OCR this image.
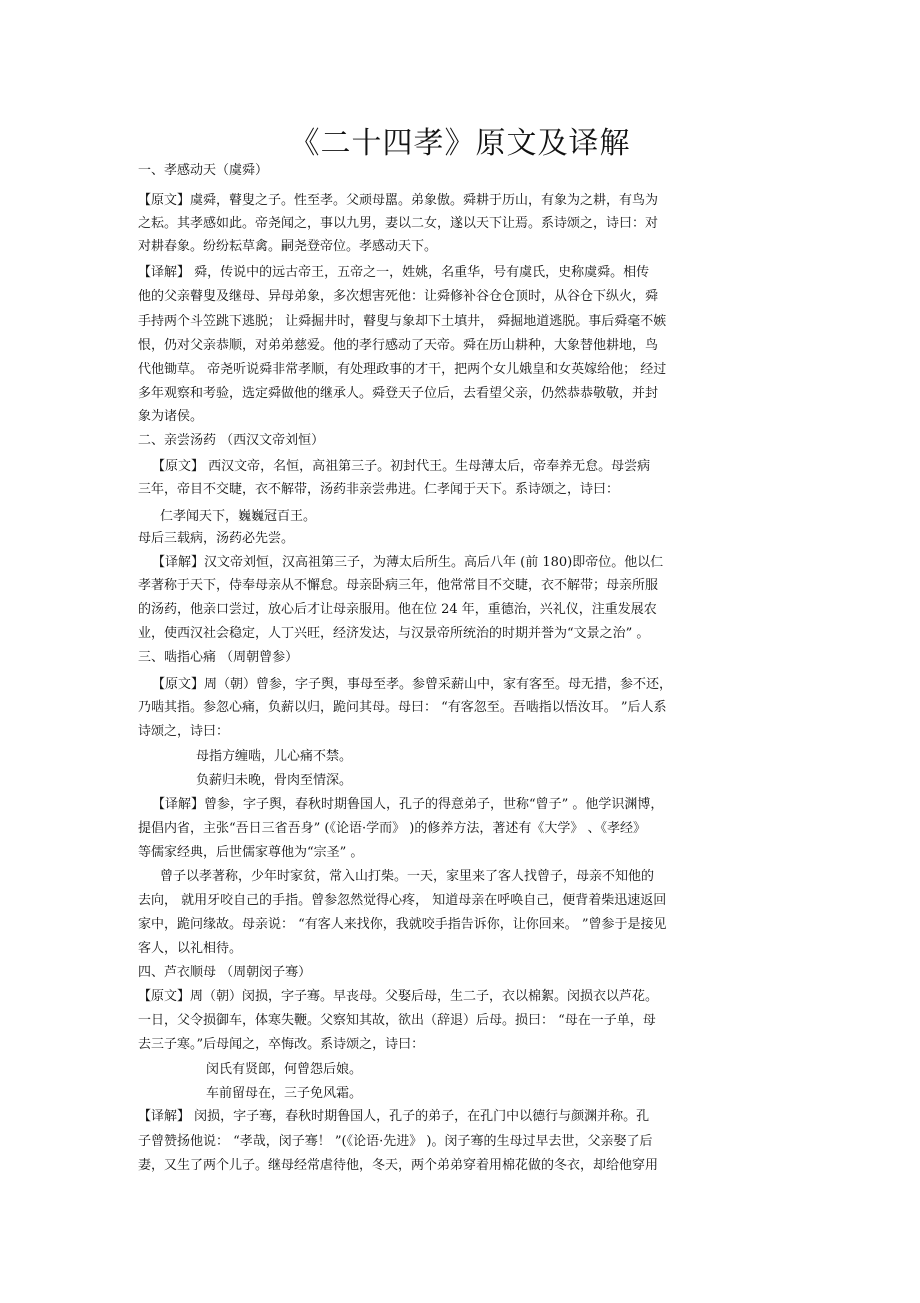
《二十四孝》原文及译解
一、孝感动天（虞舜）
【原文】虞舜，瞽叟之子。性至孝。父顽母嚚。弟象傲。舜耕于历山，有象为之耕，有鸟为
之耘。其孝感如此。帝尧闻之，事以九男，妻以二女，遂以天下让焉。系诗颂之，诗曰：对
对耕春象。纷纷耘草禽。嗣尧登帝位。孝感动天下。
【译解】 舜，传说中的远古帝王，五帝之一，姓姚，名重华，号有虞氏，史称虞舜。相传
他的父亲瞽叟及继母、异母弟象，多次想害死他：让舜修补谷仓仓顶时，从谷仓下纵火，舜
手持两个斗笠跳下逃脱； 让舜掘井时，瞽叟与象却下土填井， 舜掘地道逃脱。事后舜毫不嫉
恨，仍对父亲恭顺，对弟弟慈爱。他的孝行感动了天帝。舜在历山耕种，大象替他耕地，鸟
代他锄草。 帝尧听说舜非常孝顺，有处理政事的才干，把两个女儿娥皇和女英嫁给他； 经过
多年观察和考验，选定舜做他的继承人。舜登天子位后，去看望父亲，仍然恭恭敬敬，并封
象为诸侯。
二、亲尝汤药 （西汉文帝刘恒）
【原文】 西汉文帝，名恒，高祖第三子。初封代王。生母薄太后，帝奉养无怠。母尝病
三年，帝目不交睫，衣不解带，汤药非亲尝弗进。仁孝闻于天下。系诗颂之，诗曰：
仁孝闻天下，巍巍冠百王。
母后三载病，汤药必先尝。
【译解】汉文帝刘恒，汉高祖第三子，为薄太后所生。高后八年 (前 180)即帝位。他以仁
孝著称于天下，侍奉母亲从不懈怠。母亲卧病三年，他常常目不交睫，衣不解带；母亲所服
的汤药，他亲口尝过，放心后才让母亲服用。他在位 24 年，重德治，兴礼仪，注重发展农
业，使西汉社会稳定，人丁兴旺，经济发达，与汉景帝所统治的时期并誉为“文景之治” 。
三、啮指心痛 （周朝曾参）
【原文】周（朝）曾参，字子舆，事母至孝。参曾采薪山中，家有客至。母无措，参不还，
乃啮其指。参忽心痛，负薪以归，跪问其母。母曰： “有客忽至。吾啮指以悟汝耳。 ”后人系
诗颂之，诗曰：
母指方缠啮，儿心痛不禁。
负薪归未晚，骨肉至情深。
【译解】曾参，字子舆，春秋时期鲁国人，孔子的得意弟子，世称“曾子” 。他学识渊博，
提倡内省，主张“吾日三省吾身” (《论语·学而》 )的修养方法，著述有《大学》 、《孝经》
等儒家经典，后世儒家尊他为“宗圣” 。
曾子以孝著称，少年时家贫，常入山打柴。一天，家里来了客人找曾子，母亲不知他的
去向， 就用牙咬自己的手指。曾参忽然觉得心疼， 知道母亲在呼唤自己，便背着柴迅速返回
家中，跪问缘故。母亲说： “有客人来找你，我就咬手指告诉你，让你回来。 ”曾参于是接见
客人，以礼相待。
四、芦衣顺母 （周朝闵子骞）
【原文】周（朝）闵损，字子骞。早丧母。父娶后母，生二子，衣以棉絮。闵损衣以芦花。
一日，父令损御车，体寒失鞭。父察知其故，欲出（辞退）后母。损曰： “母在一子单，母
去三子寒。”后母闻之，卒悔改。系诗颂之，诗曰：
闵氏有贤郎，何曾怨后娘。
车前留母在，三子免风霜。
【译解】 闵损，字子骞，春秋时期鲁国人，孔子的弟子，在孔门中以德行与颜渊并称。孔
子曾赞扬他说： “孝哉，闵子骞！ ”(《论语·先进》 )。闵子骞的生母过早去世，父亲娶了后
妻，又生了两个儿子。继母经常虐待他，冬天，两个弟弟穿着用棉花做的冬衣，却给他穿用
